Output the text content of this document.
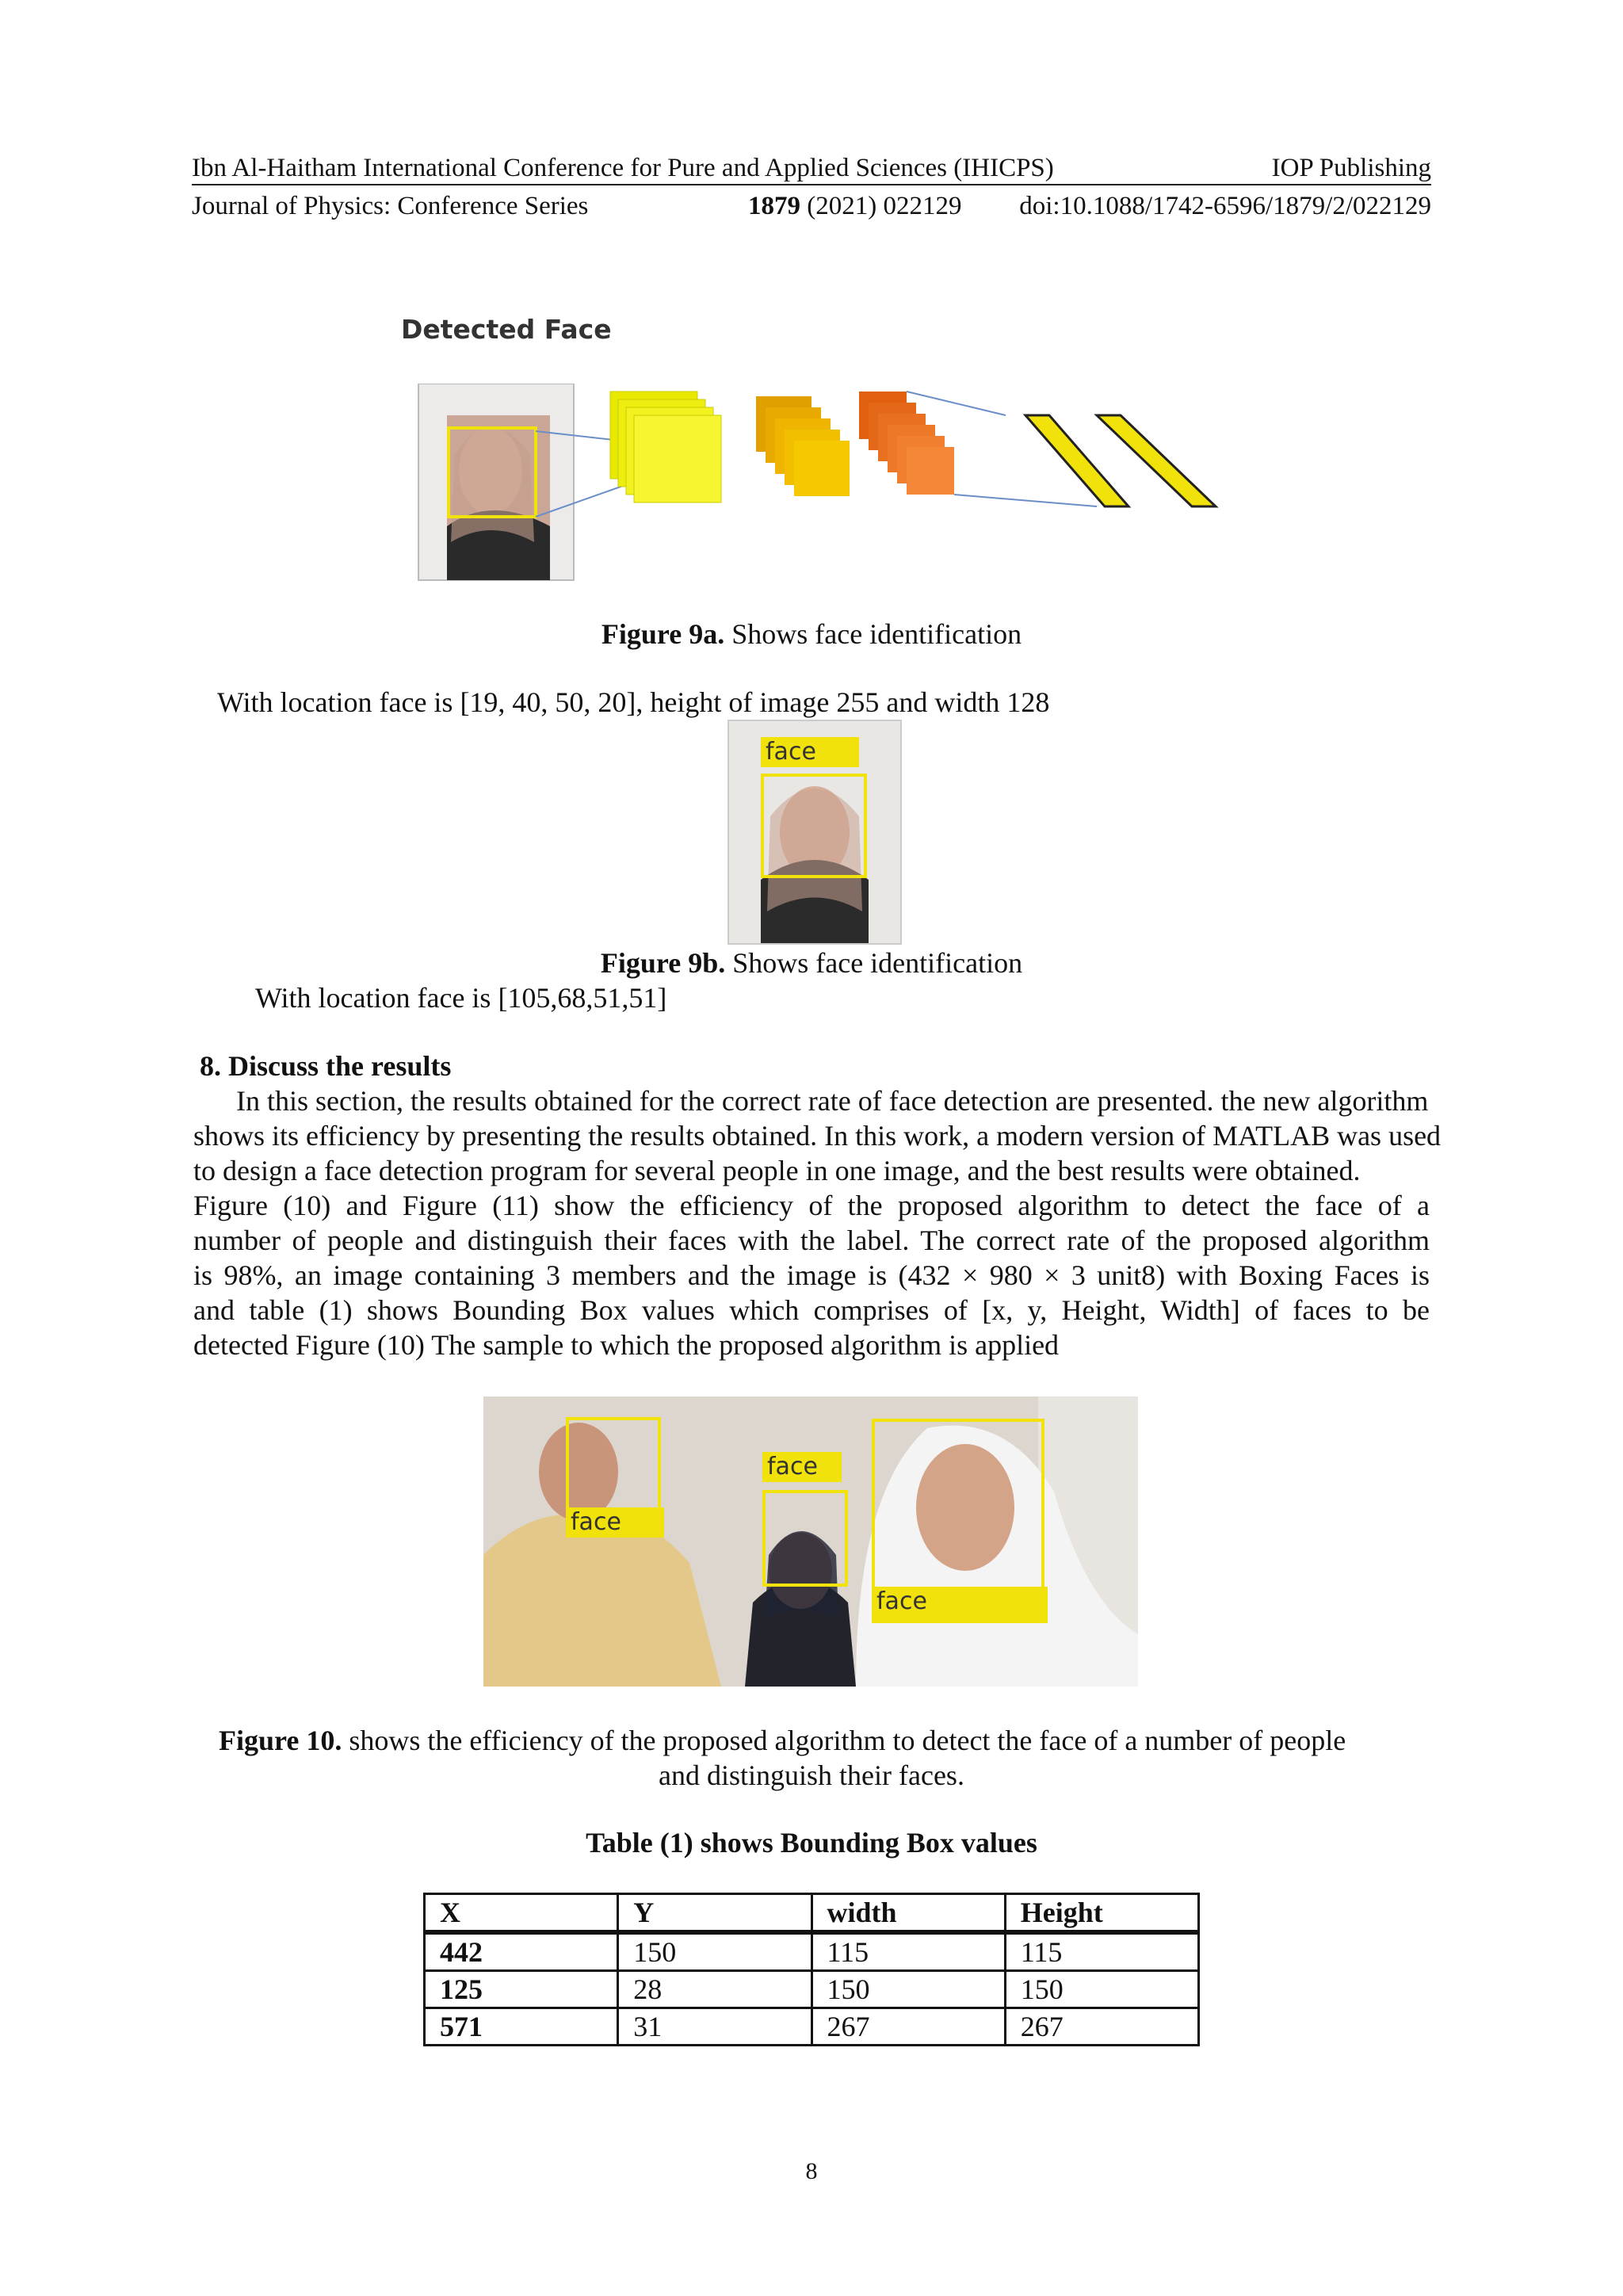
Ibn Al-Haitham International Conference for Pure and Applied Sciences (IHICPS)	IOP Publishing
Journal of Physics: Conference Series	1879 (2021) 022129 doi:10.1088/1742-6596/1879/2/022129
Detected Face
Figure 9a. Shows face identification
With location face is [19, 40, 50, 20], height of image 255 and width 128
face
Figure 9b. Shows face identification
With location face is [105,68,51,51]
8. Discuss the results
In this section, the results obtained for the correct rate of face detection are presented. the new algorithm
shows its efficiency by presenting the results obtained. In this work, a modern version of MATLAB was used
to design a face detection program for several people in one image, and the best results were obtained.
Figure (10) and Figure (11) show the efficiency of the proposed algorithm to detect the face of a
number of people and distinguish their faces with the label. The correct rate of the proposed algorithm
is 98%, an image containing 3 members and the image is (432 × 980 × 3 unit8) with Boxing Faces is
and table (1) shows Bounding Box values which comprises of [x, y, Height, Width] of faces to be
detected Figure (10) The sample to which the proposed algorithm is applied
face
face
face
Figure 10. shows the efficiency of the proposed algorithm to detect the face of a number of people
and distinguish their faces.
Table (1) shows Bounding Box values
X	Y	width	Height
442	150	115	115
125	28	150	150
571	31	267	267
8
